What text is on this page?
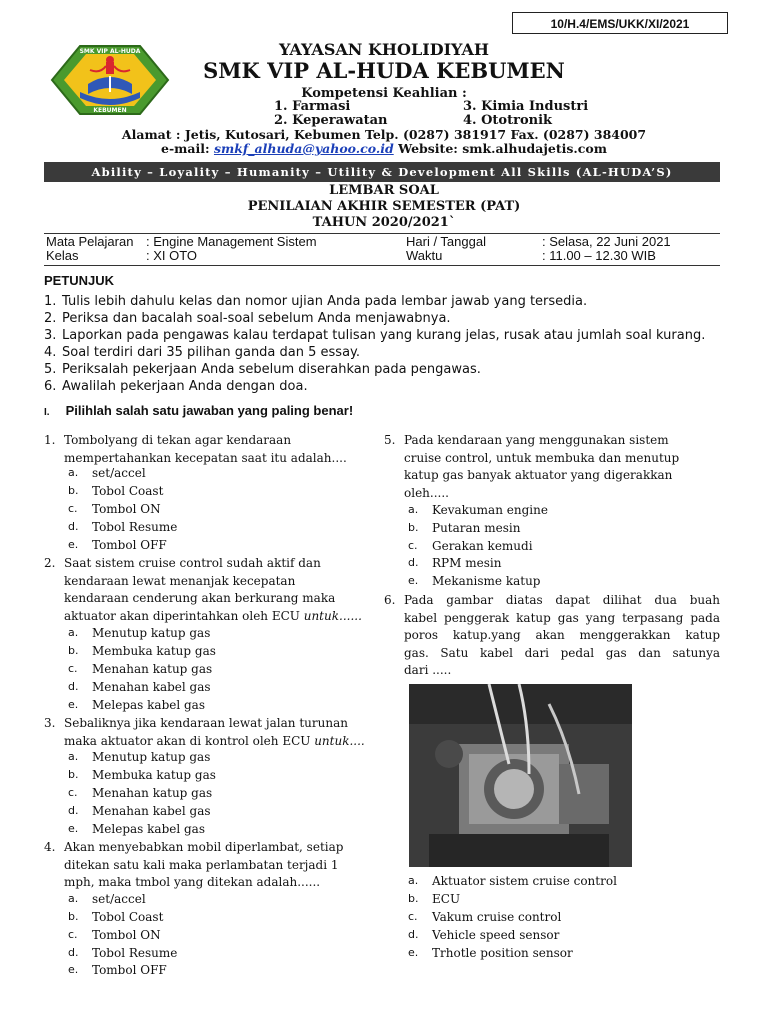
10/H.4/EMS/UKK/XI/2021
SMK VIP AL-HUDA
KEBUMEN
YAYASAN KHOLIDIYAH
SMK VIP AL-HUDA KEBUMEN
Kompetensi Keahlian :
1. Farmasi
2. Keperawatan
3. Kimia Industri
4. Ototronik
Alamat : Jetis, Kutosari, Kebumen Telp. (0287) 381917 Fax. (0287) 384007
e-mail: smkf_alhuda@yahoo.co.id Website: smk.alhudajetis.com
Ability – Loyality – Humanity – Utility & Development All Skills (AL-HUDA’S)
LEMBAR SOAL
PENILAIAN AKHIR SEMESTER (PAT)
TAHUN 2020/2021`
Mata Pelajaran : Engine Management Sistem	Hari / Tanggal	: Selasa, 22 Juni 2021
Kelas	: XI OTO	Waktu	: 11.00 – 12.30 WIB
PETUNJUK
1. Tulis lebih dahulu kelas dan nomor ujian Anda pada lembar jawab yang tersedia.
2. Periksa dan bacalah soal-soal sebelum Anda menjawabnya.
3. Laporkan pada pengawas kalau terdapat tulisan yang kurang jelas, rusak atau jumlah soal kurang.
4. Soal terdiri dari 35 pilihan ganda dan 5 essay.
5. Periksalah pekerjaan Anda sebelum diserahkan pada pengawas.
6. Awalilah pekerjaan Anda dengan doa.
I. Pilihlah salah satu jawaban yang paling benar!
1. Tombolyang di tekan agar kendaraan
mempertahankan kecepatan saat itu adalah....
a. set/accel
b. Tobol Coast
c. Tombol ON
d. Tobol Resume
e. Tombol OFF
2. Saat sistem cruise control sudah aktif dan
kendaraan lewat menanjak kecepatan
kendaraan cenderung akan berkurang maka
aktuator akan diperintahkan oleh ECU untuk......
a. Menutup katup gas
b. Membuka katup gas
c. Menahan katup gas
d. Menahan kabel gas
e. Melepas kabel gas
3. Sebaliknya jika kendaraan lewat jalan turunan
maka aktuator akan di kontrol oleh ECU untuk....
a. Menutup katup gas
b. Membuka katup gas
c. Menahan katup gas
d. Menahan kabel gas
e. Melepas kabel gas
4. Akan menyebabkan mobil diperlambat, setiap
ditekan satu kali maka perlambatan terjadi 1
mph, maka tmbol yang ditekan adalah......
a. set/accel
b. Tobol Coast
c. Tombol ON
d. Tobol Resume
e. Tombol OFF
5. Pada kendaraan yang menggunakan sistem
cruise control, untuk membuka dan menutup
katup gas banyak aktuator yang digerakkan
oleh.....
a. Kevakuman engine
b. Putaran mesin
c. Gerakan kemudi
d. RPM mesin
e. Mekanisme katup
6. Pada gambar diatas dapat dilihat dua buah
kabel penggerak katup gas yang terpasang pada
poros katup.yang akan menggerakkan katup
gas. Satu kabel dari pedal gas dan satunya
dari .....
a. Aktuator sistem cruise control
b. ECU
c. Vakum cruise control
d. Vehicle speed sensor
e. Trhotle position sensor
